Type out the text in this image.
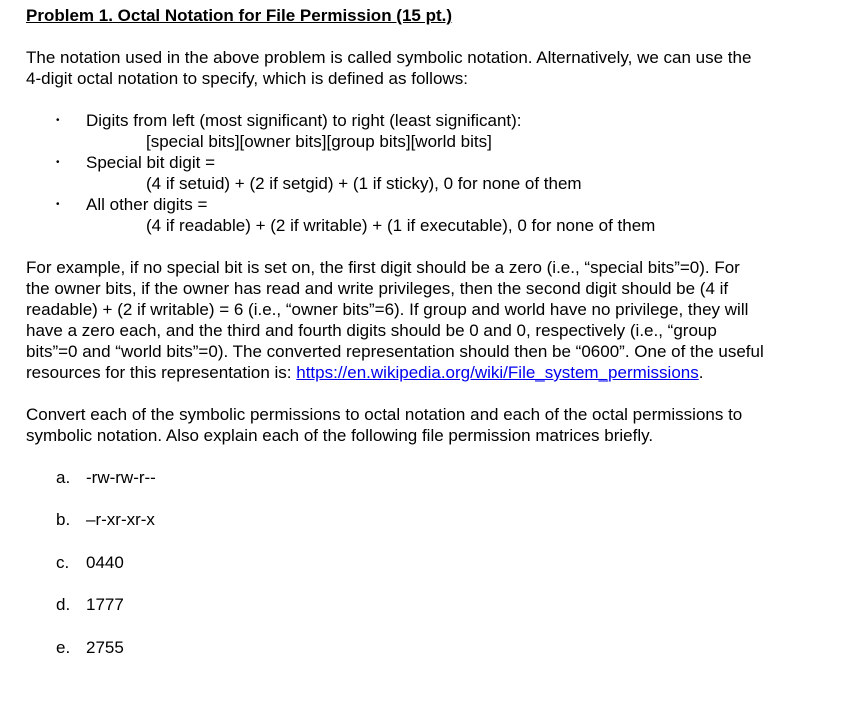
Problem 1. Octal Notation for File Permission (15 pt.)

The notation used in the above problem is called symbolic notation. Alternatively, we can use the 4-digit octal notation to specify, which is defined as follows:

• Digits from left (most significant) to right (least significant):
[special bits][owner bits][group bits][world bits]
• Special bit digit =
(4 if setuid) + (2 if setgid) + (1 if sticky), 0 for none of them
• All other digits =
(4 if readable) + (2 if writable) + (1 if executable), 0 for none of them

For example, if no special bit is set on, the first digit should be a zero (i.e., “special bits”=0). For the owner bits, if the owner has read and write privileges, then the second digit should be (4 if readable) + (2 if writable) = 6 (i.e., “owner bits”=6). If group and world have no privilege, they will have a zero each, and the third and fourth digits should be 0 and 0, respectively (i.e., “group bits”=0 and “world bits”=0). The converted representation should then be “0600”. One of the useful resources for this representation is: https://en.wikipedia.org/wiki/File_system_permissions.

Convert each of the symbolic permissions to octal notation and each of the octal permissions to symbolic notation. Also explain each of the following file permission matrices briefly.

a. -rw-rw-r--
b. –r-xr-xr-x
c. 0440
d. 1777
e. 2755
